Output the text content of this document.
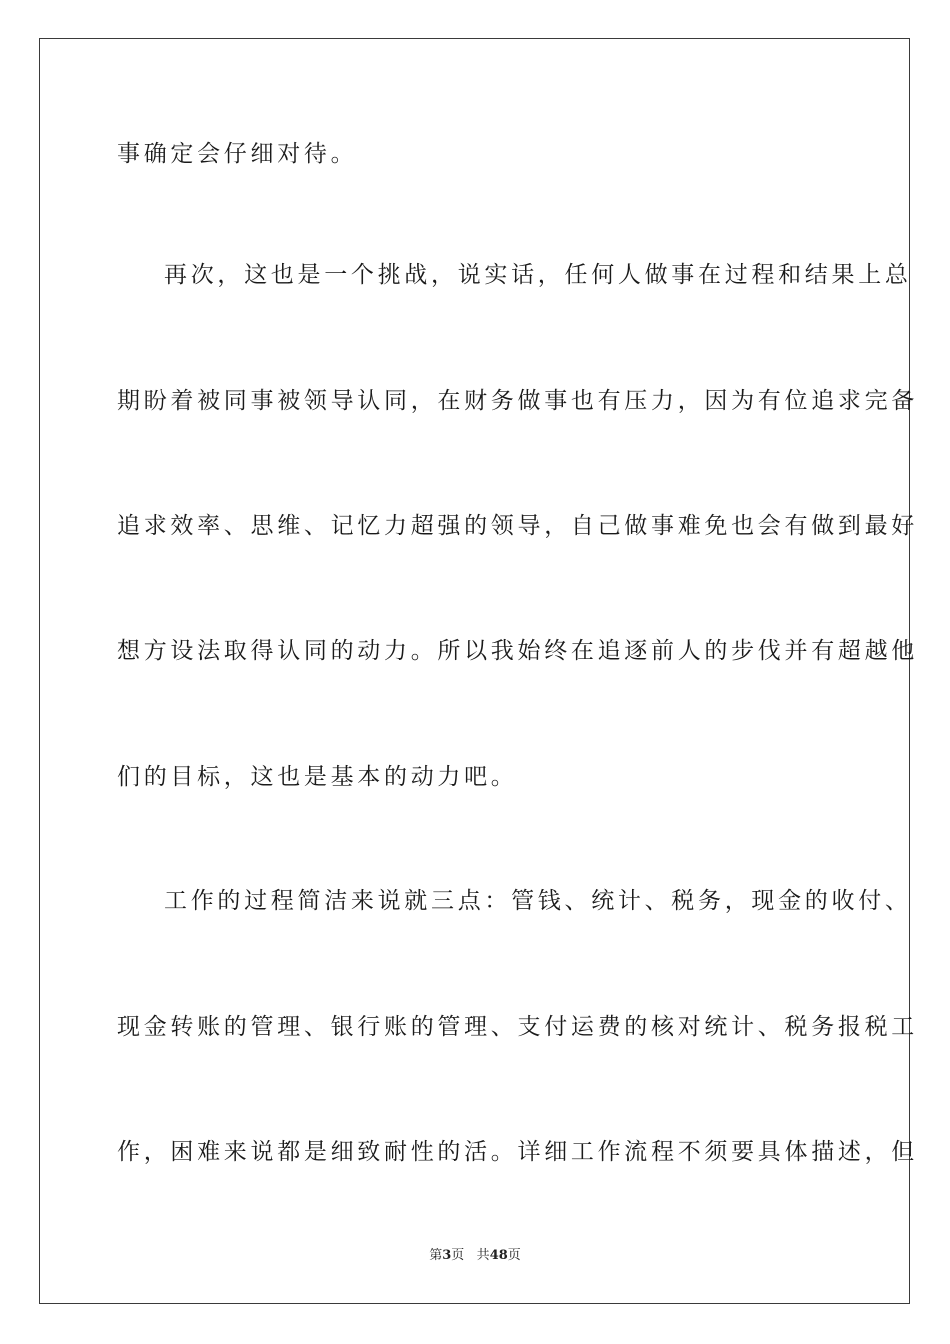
事确定会仔细对待。
再次，这也是一个挑战，说实话，任何人做事在过程和结果上总
期盼着被同事被领导认同，在财务做事也有压力，因为有位追求完备
追求效率、思维、记忆力超强的领导，自己做事难免也会有做到最好
想方设法取得认同的动力。所以我始终在追逐前人的步伐并有超越他
们的目标，这也是基本的动力吧。
工作的过程简洁来说就三点：管钱、统计、税务，现金的收付、
现金转账的管理、银行账的管理、支付运费的核对统计、税务报税工
作，困难来说都是细致耐性的活。详细工作流程不须要具体描述，但
第3页 共48页
